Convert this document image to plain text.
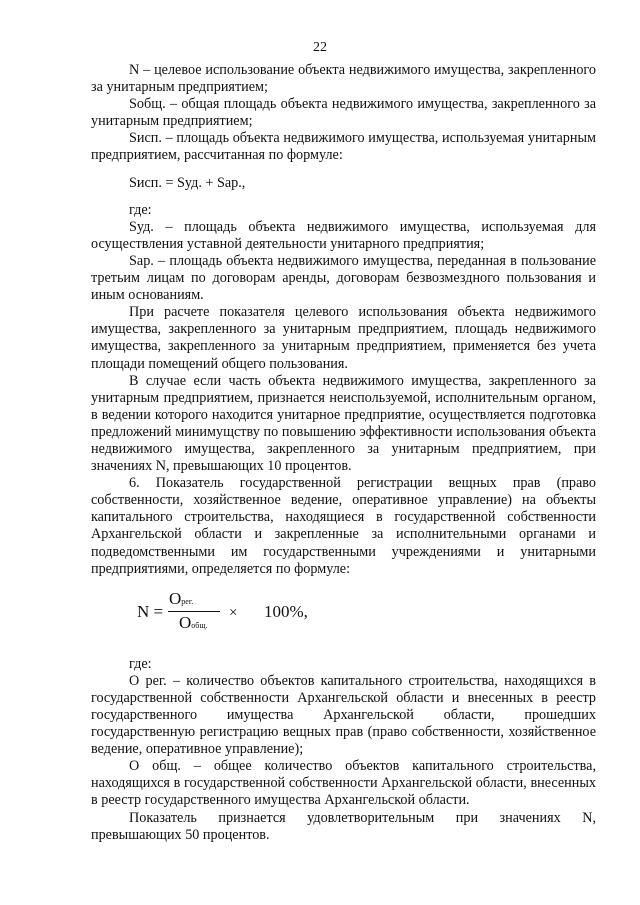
22

N – целевое использование объекта недвижимого имущества, закрепленного за унитарным предприятием;

Sобщ. – общая площадь объекта недвижимого имущества, закрепленного за унитарным предприятием;

Sисп. – площадь объекта недвижимого имущества, используемая унитарным предприятием, рассчитанная по формуле:

Sисп. = Sуд. + Sар.,

где:

Sуд. – площадь объекта недвижимого имущества, используемая для осуществления уставной деятельности унитарного предприятия;

Sар. – площадь объекта недвижимого имущества, переданная в пользование третьим лицам по договорам аренды, договорам безвозмездного пользования и иным основаниям.

При расчете показателя целевого использования объекта недвижимого имущества, закрепленного за унитарным предприятием, площадь недвижимого имущества, закрепленного за унитарным предприятием, применяется без учета площади помещений общего пользования.

В случае если часть объекта недвижимого имущества, закрепленного за унитарным предприятием, признается неиспользуемой, исполнительным органом, в ведении которого находится унитарное предприятие, осуществляется подготовка предложений минимущству по повышению эффективности использования объекта недвижимого имущества, закрепленного за унитарным предприятием, при значениях N, превышающих 10 процентов.

6. Показатель государственной регистрации вещных прав (право собственности, хозяйственное ведение, оперативное управление) на объекты капитального строительства, находящиеся в государственной собственности Архангельской области и закрепленные за исполнительными органами и подведомственными им государственными учреждениями и унитарными предприятиями, определяется по формуле:

N =
Oрег.
Oобщ.
× 100%,

где:

О рег. – количество объектов капитального строительства, находящихся в государственной собственности Архангельской области и внесенных в реестр государственного имущества Архангельской области, прошедших государственную регистрацию вещных прав (право собственности, хозяйственное ведение, оперативное управление);

О общ. – общее количество объектов капитального строительства, находящихся в государственной собственности Архангельской области, внесенных в реестр государственного имущества Архангельской области.

Показатель признается удовлетворительным при значениях N, превышающих 50 процентов.
